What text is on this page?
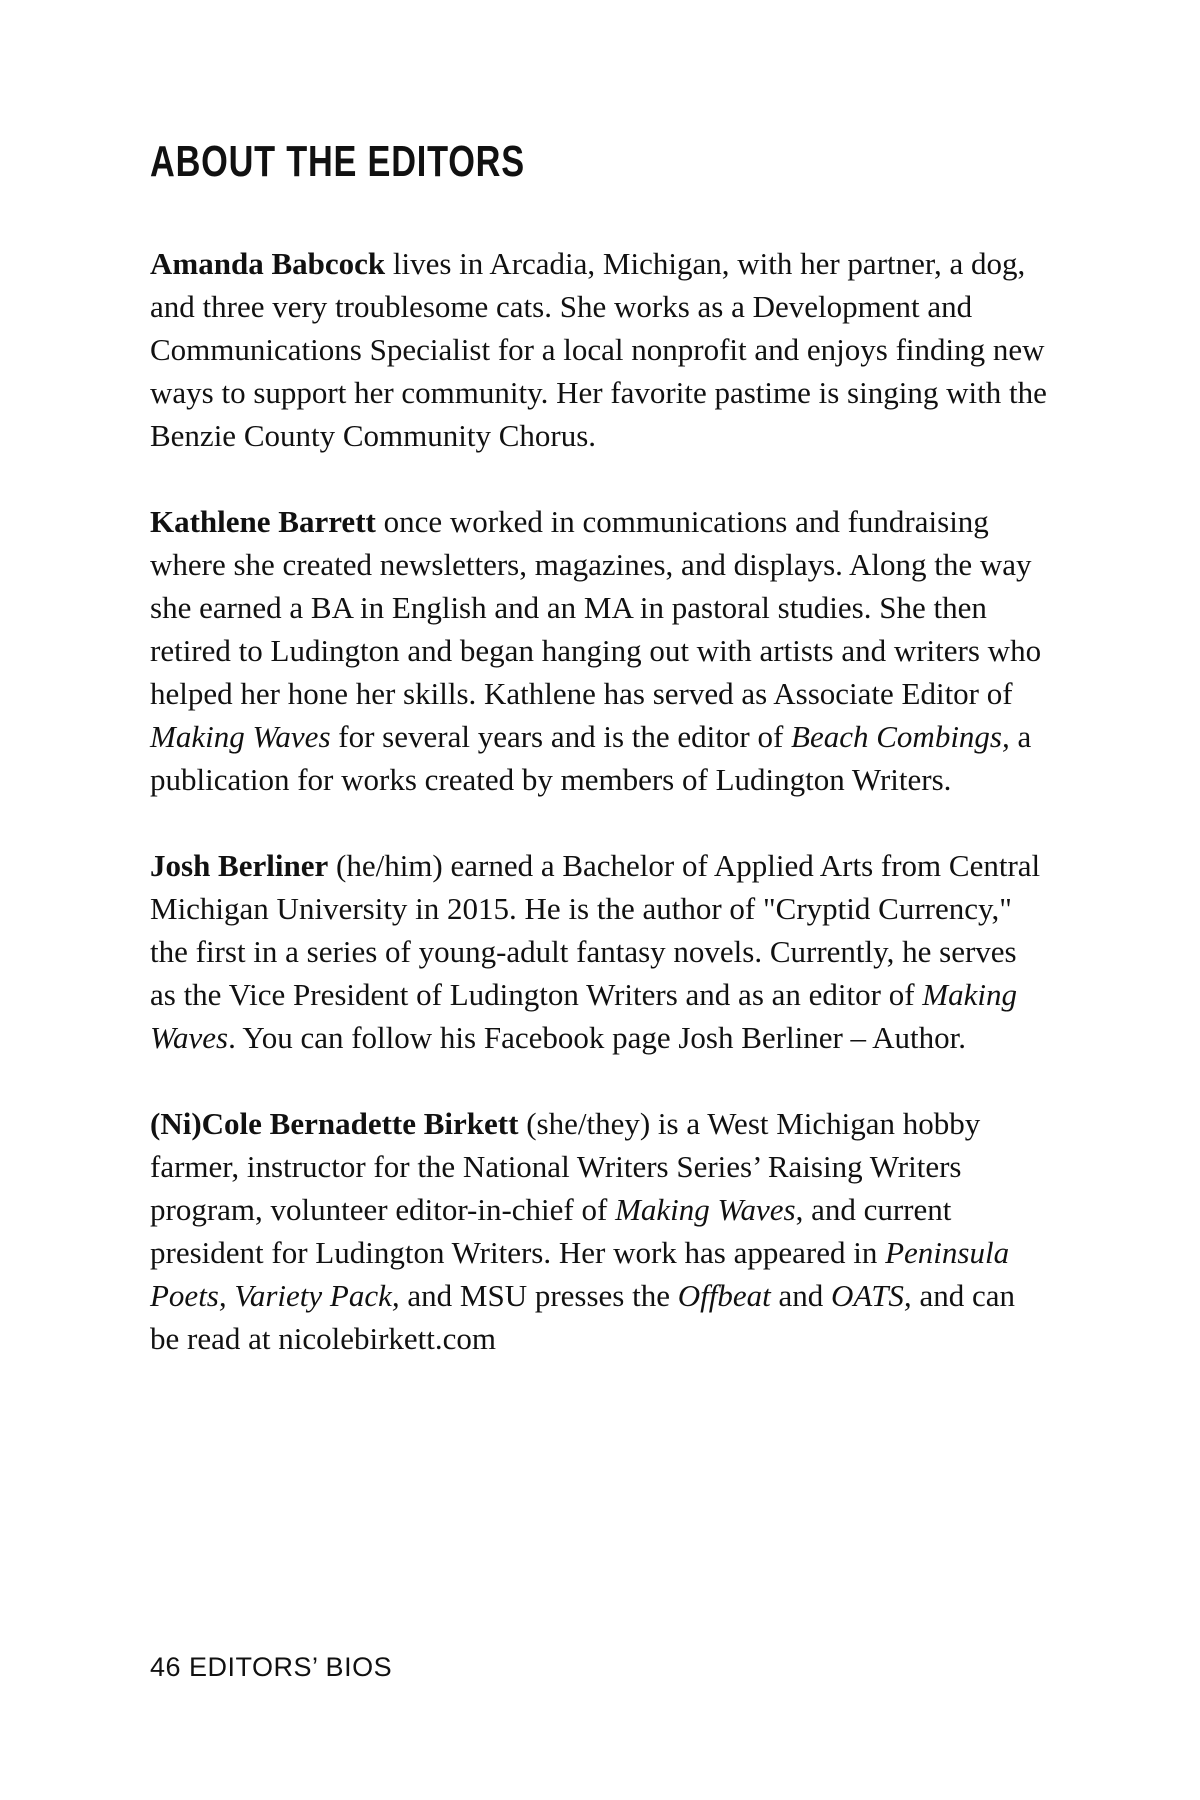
ABOUT THE EDITORS

Amanda Babcock lives in Arcadia, Michigan, with her partner, a dog, and three very troublesome cats. She works as a Development and Communications Specialist for a local nonprofit and enjoys finding new ways to support her community. Her favorite pastime is singing with the Benzie County Community Chorus.

Kathlene Barrett once worked in communications and fundraising where she created newsletters, magazines, and displays. Along the way she earned a BA in English and an MA in pastoral studies. She then retired to Ludington and began hanging out with artists and writers who helped her hone her skills. Kathlene has served as Associate Editor of Making Waves for several years and is the editor of Beach Combings, a publication for works created by members of Ludington Writers.

Josh Berliner (he/him) earned a Bachelor of Applied Arts from Central Michigan University in 2015. He is the author of "Cryptid Currency," the first in a series of young-adult fantasy novels. Currently, he serves as the Vice President of Ludington Writers and as an editor of Making Waves. You can follow his Facebook page Josh Berliner – Author.

(Ni)Cole Bernadette Birkett (she/they) is a West Michigan hobby farmer, instructor for the National Writers Series’ Raising Writers program, volunteer editor-in-chief of Making Waves, and current president for Ludington Writers. Her work has appeared in Peninsula Poets, Variety Pack, and MSU presses the Offbeat and OATS, and can be read at nicolebirkett.com

46 EDITORS’ BIOS
